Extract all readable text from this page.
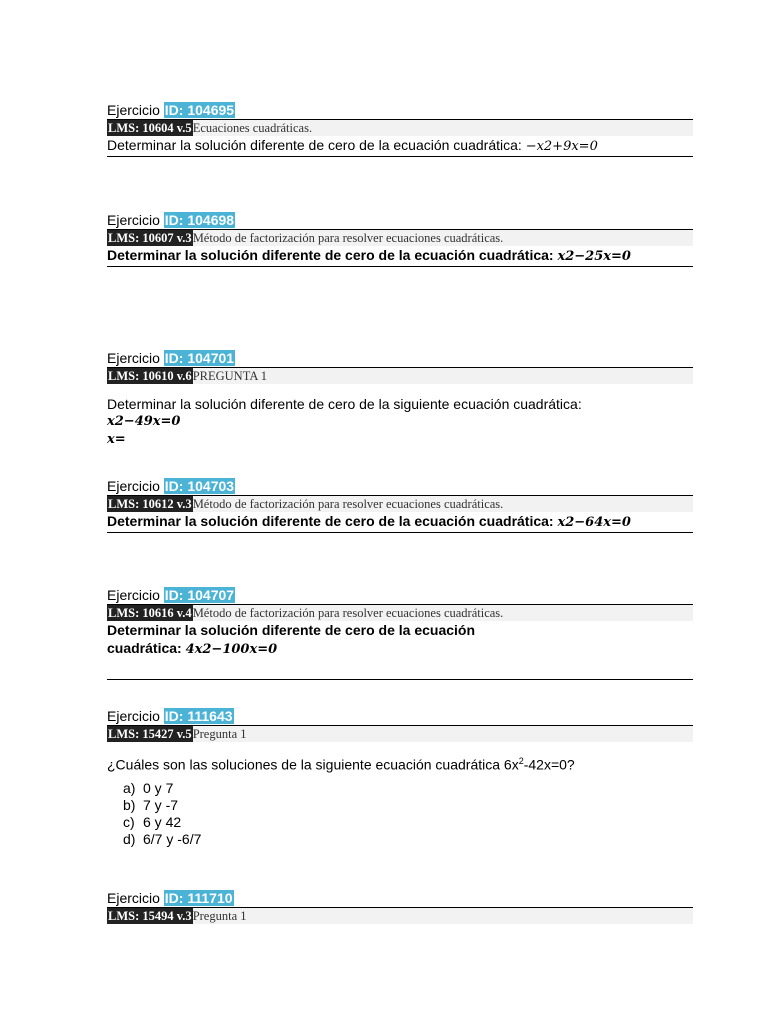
Ejercicio ID: 104695
LMS: 10604 v.5Ecuaciones cuadráticas.
Determinar la solución diferente de cero de la ecuación cuadrática: −x2+9x=0
Ejercicio ID: 104698
LMS: 10607 v.3Método de factorización para resolver ecuaciones cuadráticas.
Determinar la solución diferente de cero de la ecuación cuadrática: x2−25x=0
Ejercicio ID: 104701
LMS: 10610 v.6PREGUNTA 1
Determinar la solución diferente de cero de la siguiente ecuación cuadrática:
x2−49x=0
x=
Ejercicio ID: 104703
LMS: 10612 v.3Método de factorización para resolver ecuaciones cuadráticas.
Determinar la solución diferente de cero de la ecuación cuadrática: x2−64x=0
Ejercicio ID: 104707
LMS: 10616 v.4Método de factorización para resolver ecuaciones cuadráticas.
Determinar la solución diferente de cero de la ecuación
cuadrática: 4x2−100x=0
Ejercicio ID: 111643
LMS: 15427 v.5Pregunta 1
¿Cuáles son las soluciones de la siguiente ecuación cuadrática $6x^2-42x=0$?
a) 0 y 7
b) 7 y -7
c) 6 y 42
d) 6/7 y -6/7
Ejercicio ID: 111710
LMS: 15494 v.3Pregunta 1
